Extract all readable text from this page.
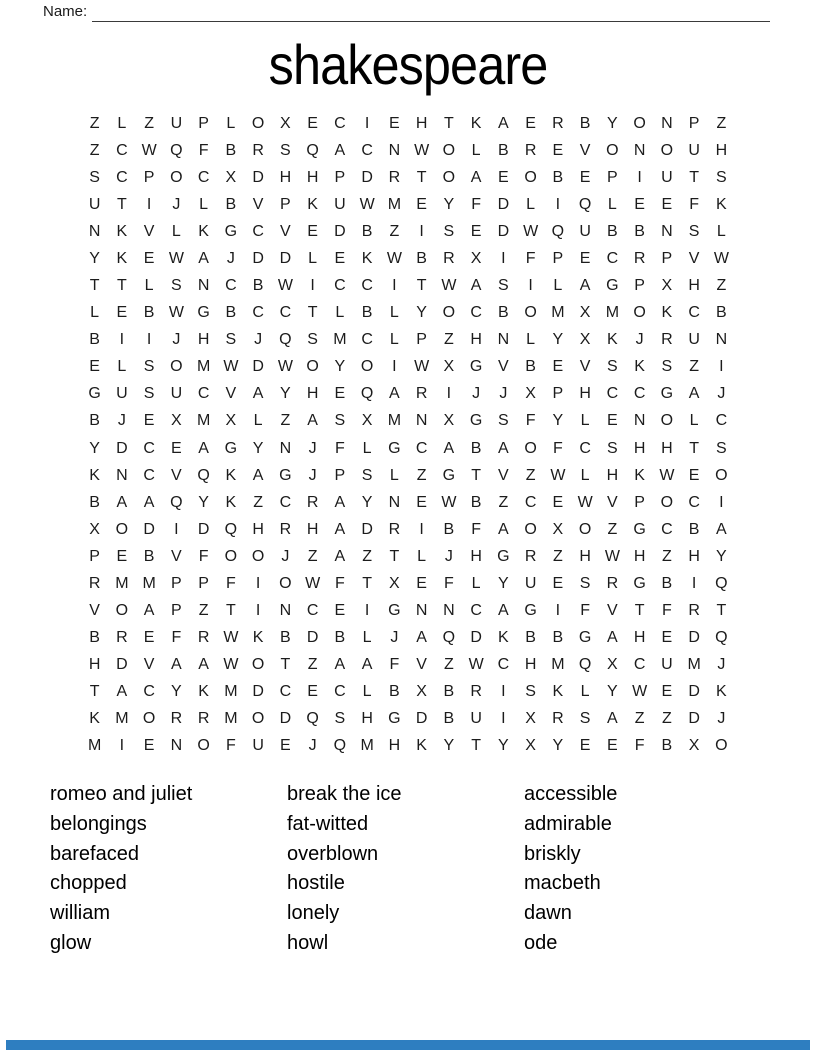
Name:
shakespeare
Z	L	Z	U	P	L	O X	E	C	I	E	H	T	K	A	E	R	B	Y O N	P	Z
Z	C W Q	F	B	R	S Q A	C N W O	L	B	R	E	V O N O U H
S	C	P O C	X	D H H	P	D R	T	O A	E O B	E	P	I	U	T	S
U	T	I	J	L	B	V	P	K	U W M E	Y	F	D	L	I	Q	L	E	E	F	K
N	K	V	L	K G C	V	E	D	B	Z	I	S	E	D W Q U	B	B	N	S	L
Y	K	E W A	J	D D	L	E	K W B	R	X	I	F	P	E	C R	P	V W
T	T	L	S	N C	B W	I	C C	I	T W A	S	I	L	A G P	X	H	Z
L	E	B W G B	C C	T	L	B	L	Y O C	B O M X M O K	C	B
B	I	I	J	H	S	J	Q S M C	L	P	Z	H N	L	Y	X	K	J	R U N
E	L	S O M W D W O Y O	I	W X G V	B	E	V	S	K	S	Z	I
G U	S	U C	V	A	Y	H	E Q A	R	I	J	J	X	P	H C C G A	J
B	J	E	X M X	L	Z	A	S	X M N	X G S	F	Y	L	E	N O	L	C
Y	D C	E	A G Y	N	J	F	L	G C	A	B	A O	F	C	S	H H	T	S
K	N C	V Q K	A G	J	P	S	L	Z	G	T	V	Z W L	H	K W E O
B	A	A Q Y	K	Z	C R	A	Y	N	E W B	Z	C	E W V	P O C	I
X O D	I	D Q H R H	A	D R	I	B	F	A O X O	Z	G C	B	A
P	E	B	V	F	O O	J	Z	A	Z	T	L	J	H G R	Z	H W H	Z	H	Y
R M M P	P	F	I	O W F	T	X	E	F	L	Y	U	E	S	R G B	I	Q
V O A	P	Z	T	I	N C	E	I	G N N C	A G	I	F	V	T	F	R	T
B	R	E	F	R W K	B	D	B	L	J	A Q D	K	B	B G A	H	E	D Q
H D	V	A	A W O	T	Z	A	A	F	V	Z W C H M Q X	C U M	J
T	A	C	Y	K M D C	E	C	L	B	X	B	R	I	S	K	L	Y W E	D	K
K M O R R M O D Q S	H G D	B	U	I	X	R	S	A	Z	Z	D	J
M	I	E	N O	F	U	E	J	Q M H	K	Y	T	Y	X	Y	E	E	F	B	X O
romeo and juliet
belongings
barefaced
chopped
william
glow
break the ice
fat-witted
overblown
hostile
lonely
howl
accessible
admirable
briskly
macbeth
dawn
ode
